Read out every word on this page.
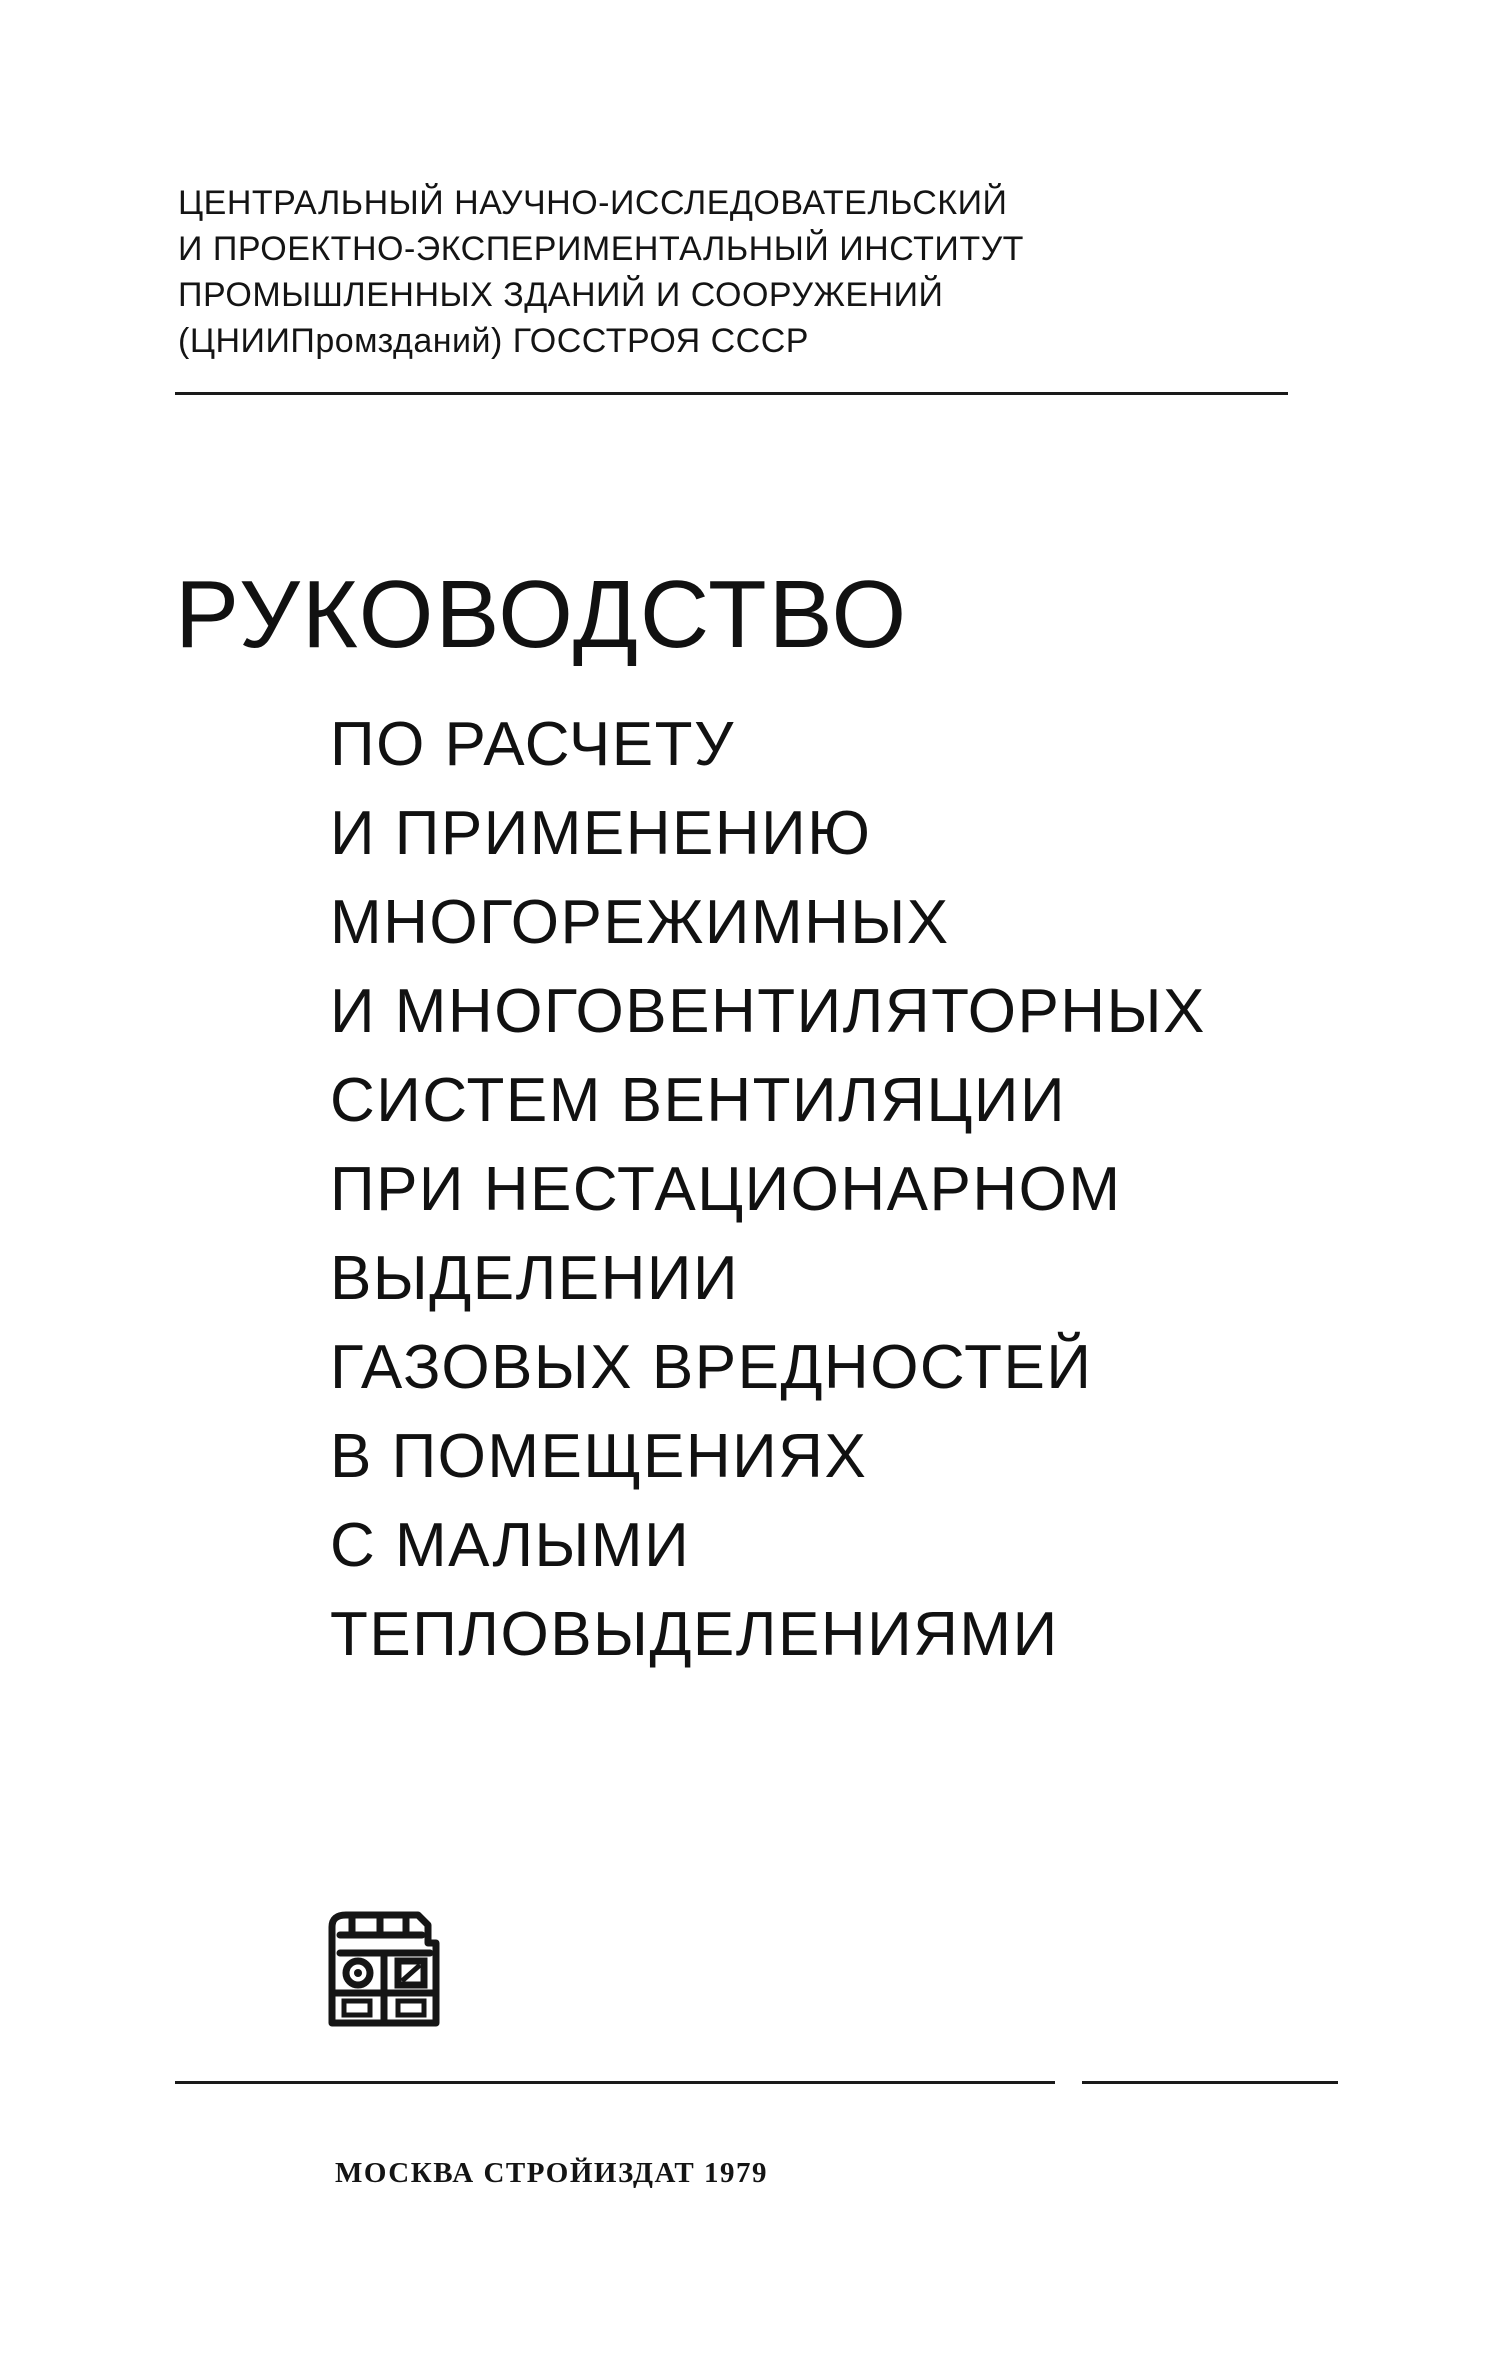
ЦЕНТРАЛЬНЫЙ НАУЧНО-ИССЛЕДОВАТЕЛЬСКИЙ
И ПРОЕКТНО-ЭКСПЕРИМЕНТАЛЬНЫЙ ИНСТИТУТ
ПРОМЫШЛЕННЫХ ЗДАНИЙ И СООРУЖЕНИЙ
(ЦНИИПромзданий) ГОССТРОЯ СССР
РУКОВОДСТВО
ПО РАСЧЕТУ
И ПРИМЕНЕНИЮ
МНОГОРЕЖИМНЫХ
И МНОГОВЕНТИЛЯТОРНЫХ
СИСТЕМ ВЕНТИЛЯЦИИ
ПРИ НЕСТАЦИОНАРНОМ
ВЫДЕЛЕНИИ
ГАЗОВЫХ ВРЕДНОСТЕЙ
В ПОМЕЩЕНИЯХ
С МАЛЫМИ
ТЕПЛОВЫДЕЛЕНИЯМИ
МОСКВА СТРОЙИЗДАТ 1979
